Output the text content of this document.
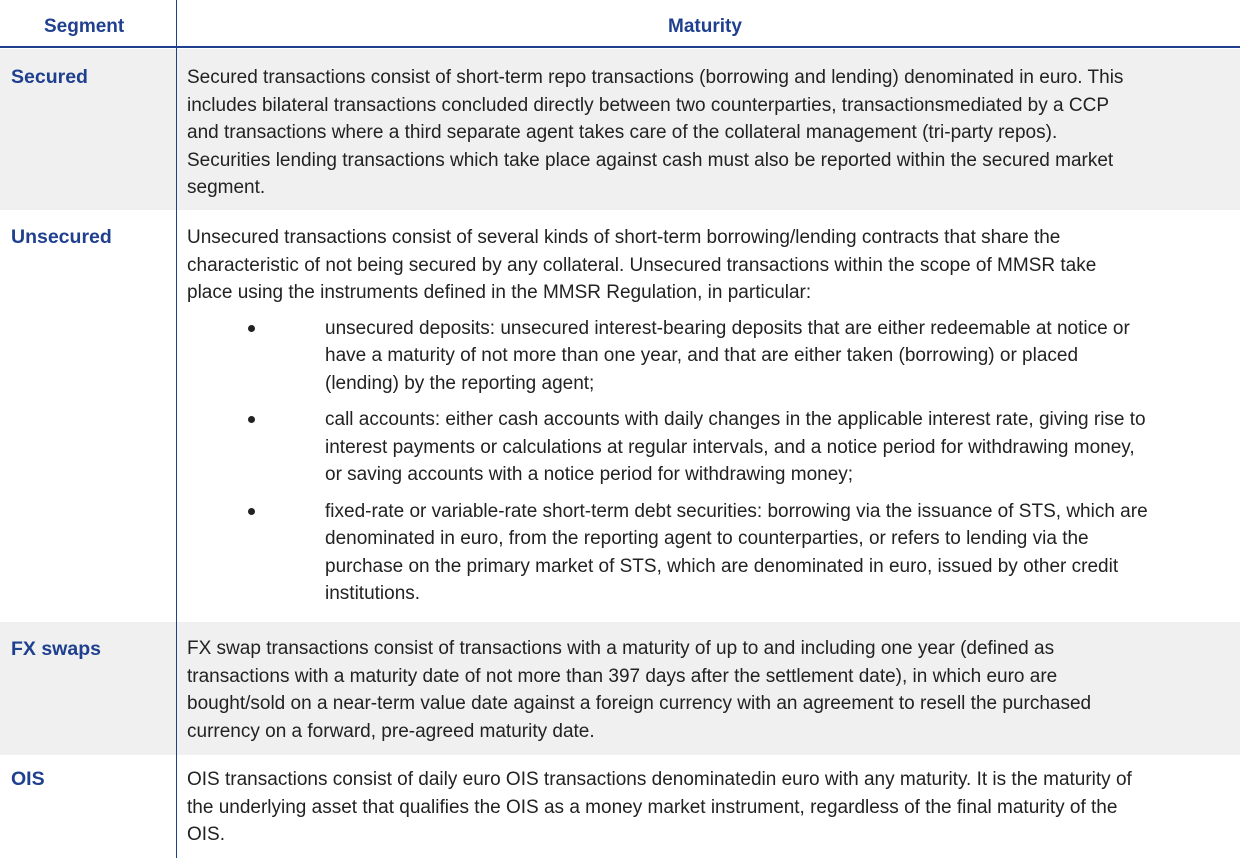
Segment	Maturity
Secured	Secured transactions consist of short-term repo transactions (borrowing and lending) denominated in euro. This
includes bilateral transactions concluded directly between two counterparties, transactionsmediated by a CCP
and transactions where a third separate agent takes care of the collateral management (tri-party repos).
Securities lending transactions which take place against cash must also be reported within the secured market
segment.
Unsecured	Unsecured transactions consist of several kinds of short-term borrowing/lending contracts that share the
characteristic of not being secured by any collateral. Unsecured transactions within the scope of MMSR take
place using the instruments defined in the MMSR Regulation, in particular:
unsecured deposits: unsecured interest-bearing deposits that are either redeemable at notice or
have a maturity of not more than one year, and that are either taken (borrowing) or placed
(lending) by the reporting agent;
call accounts: either cash accounts with daily changes in the applicable interest rate, giving rise to
interest payments or calculations at regular intervals, and a notice period for withdrawing money,
or saving accounts with a notice period for withdrawing money;
fixed-rate or variable-rate short-term debt securities: borrowing via the issuance of STS, which are
denominated in euro, from the reporting agent to counterparties, or refers to lending via the
purchase on the primary market of STS, which are denominated in euro, issued by other credit
institutions.
FX swaps	FX swap transactions consist of transactions with a maturity of up to and including one year (defined as
transactions with a maturity date of not more than 397 days after the settlement date), in which euro are
bought/sold on a near-term value date against a foreign currency with an agreement to resell the purchased
currency on a forward, pre-agreed maturity date.
OIS	OIS transactions consist of daily euro OIS transactions denominatedin euro with any maturity. It is the maturity of
the underlying asset that qualifies the OIS as a money market instrument, regardless of the final maturity of the
OIS.
